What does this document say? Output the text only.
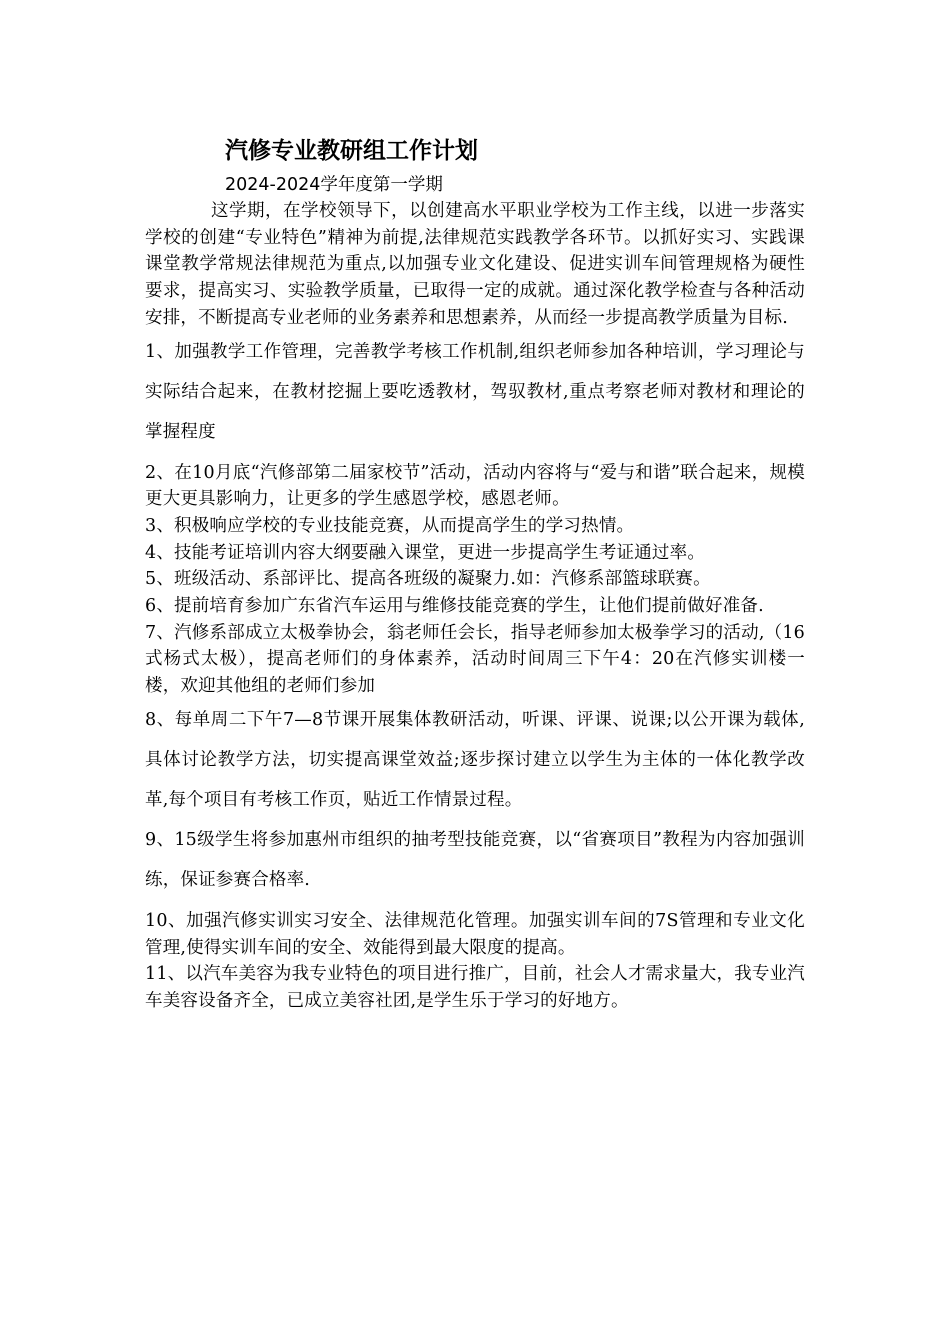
汽修专业教研组工作计划
2024-2024学年度第一学期

这学期，在学校领导下，以创建高水平职业学校为工作主线，以进一步落实学校的创建“专业特色”精神为前提,法律规范实践教学各环节。以抓好实习、实践课课堂教学常规法律规范为重点,以加强专业文化建设、促进实训车间管理规格为硬性要求，提高实习、实验教学质量，已取得一定的成就。通过深化教学检查与各种活动安排，不断提高专业老师的业务素养和思想素养，从而经一步提高教学质量为目标.

1、加强教学工作管理，完善教学考核工作机制,组织老师参加各种培训，学习理论与实际结合起来，在教材挖掘上要吃透教材，驾驭教材,重点考察老师对教材和理论的掌握程度

2、在10月底“汽修部第二届家校节”活动，活动内容将与“爱与和谐”联合起来，规模更大更具影响力，让更多的学生感恩学校，感恩老师。

3、积极响应学校的专业技能竞赛，从而提高学生的学习热情。

4、技能考证培训内容大纲要融入课堂，更进一步提高学生考证通过率。

5、班级活动、系部评比、提高各班级的凝聚力.如：汽修系部篮球联赛。

6、提前培育参加广东省汽车运用与维修技能竞赛的学生，让他们提前做好准备.

7、汽修系部成立太极拳协会，翁老师任会长，指导老师参加太极拳学习的活动,（16式杨式太极），提高老师们的身体素养，活动时间周三下午4：20在汽修实训楼一楼，欢迎其他组的老师们参加

8、每单周二下午7—8节课开展集体教研活动，听课、评课、说课;以公开课为载体,具体讨论教学方法，切实提高课堂效益;逐步探讨建立以学生为主体的一体化教学改革,每个项目有考核工作页，贴近工作情景过程。

9、15级学生将参加惠州市组织的抽考型技能竞赛，以“省赛项目”教程为内容加强训练，保证参赛合格率.

10、加强汽修实训实习安全、法律规范化管理。加强实训车间的7S管理和专业文化管理,使得实训车间的安全、效能得到最大限度的提高。

11、以汽车美容为我专业特色的项目进行推广，目前，社会人才需求量大，我专业汽车美容设备齐全，已成立美容社团,是学生乐于学习的好地方。
